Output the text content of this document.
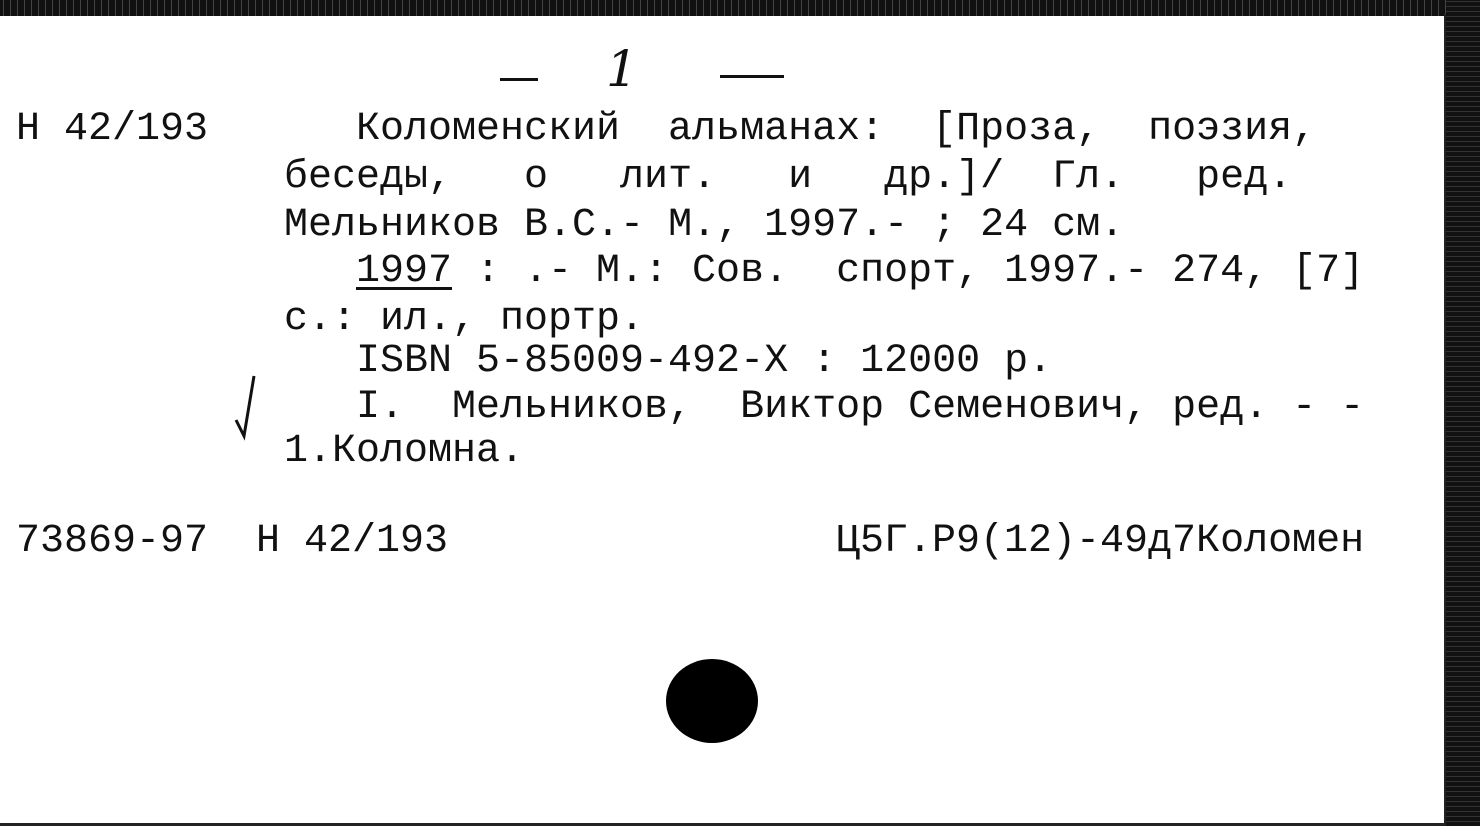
1
Н 42/193	Коломенский  альманах:  [Проза,  поэзия,
беседы,   о   лит.   и   др.]/  Гл.   ред.
Мельников В.С.- М., 1997.- ; 24 см.
1997 : .- М.: Сов.  спорт, 1997.- 274, [7]
с.: ил., портр.
ISBN 5-85009-492-Х : 12000 р.
I.  Мельников,  Виктор Семенович, ред. - -
1.Коломна.
73869-97 Н 42/193	Ц5Г.Р9(12)-49д7Коломен
